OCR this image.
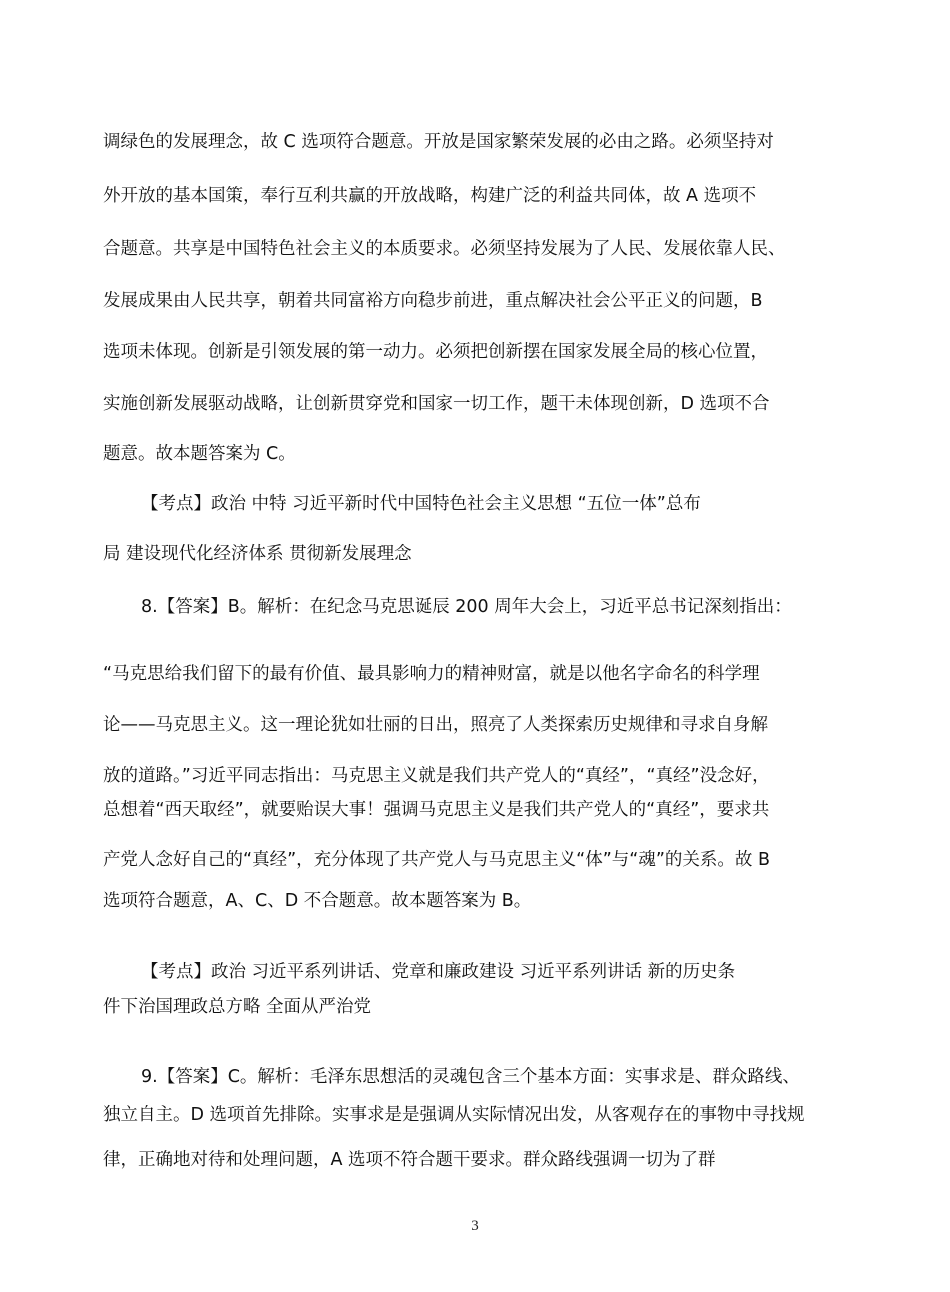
调绿色的发展理念，故 C 选项符合题意。开放是国家繁荣发展的必由之路。必须坚持对
外开放的基本国策，奉行互利共赢的开放战略，构建广泛的利益共同体，故 A 选项不
合题意。共享是中国特色社会主义的本质要求。必须坚持发展为了人民、发展依靠人民、
发展成果由人民共享，朝着共同富裕方向稳步前进，重点解决社会公平正义的问题，B
选项未体现。创新是引领发展的第一动力。必须把创新摆在国家发展全局的核心位置，
实施创新发展驱动战略，让创新贯穿党和国家一切工作，题干未体现创新，D 选项不合
题意。故本题答案为 C。
【考点】政治 中特 习近平新时代中国特色社会主义思想 “五位一体”总布
局 建设现代化经济体系 贯彻新发展理念
8.【答案】B。解析：在纪念马克思诞辰 200 周年大会上，习近平总书记深刻指出：
“马克思给我们留下的最有价值、最具影响力的精神财富，就是以他名字命名的科学理
论——马克思主义。这一理论犹如壮丽的日出，照亮了人类探索历史规律和寻求自身解
放的道路。”习近平同志指出：马克思主义就是我们共产党人的“真经”，“真经”没念好，
总想着“西天取经”，就要贻误大事！强调马克思主义是我们共产党人的“真经”，要求共
产党人念好自己的“真经”，充分体现了共产党人与马克思主义“体”与“魂”的关系。故 B
选项符合题意，A、C、D 不合题意。故本题答案为 B。
【考点】政治 习近平系列讲话、党章和廉政建设 习近平系列讲话 新的历史条
件下治国理政总方略 全面从严治党
9.【答案】C。解析：毛泽东思想活的灵魂包含三个基本方面：实事求是、群众路线、
独立自主。D 选项首先排除。实事求是是强调从实际情况出发，从客观存在的事物中寻找规
律，正确地对待和处理问题，A 选项不符合题干要求。群众路线强调一切为了群
3
